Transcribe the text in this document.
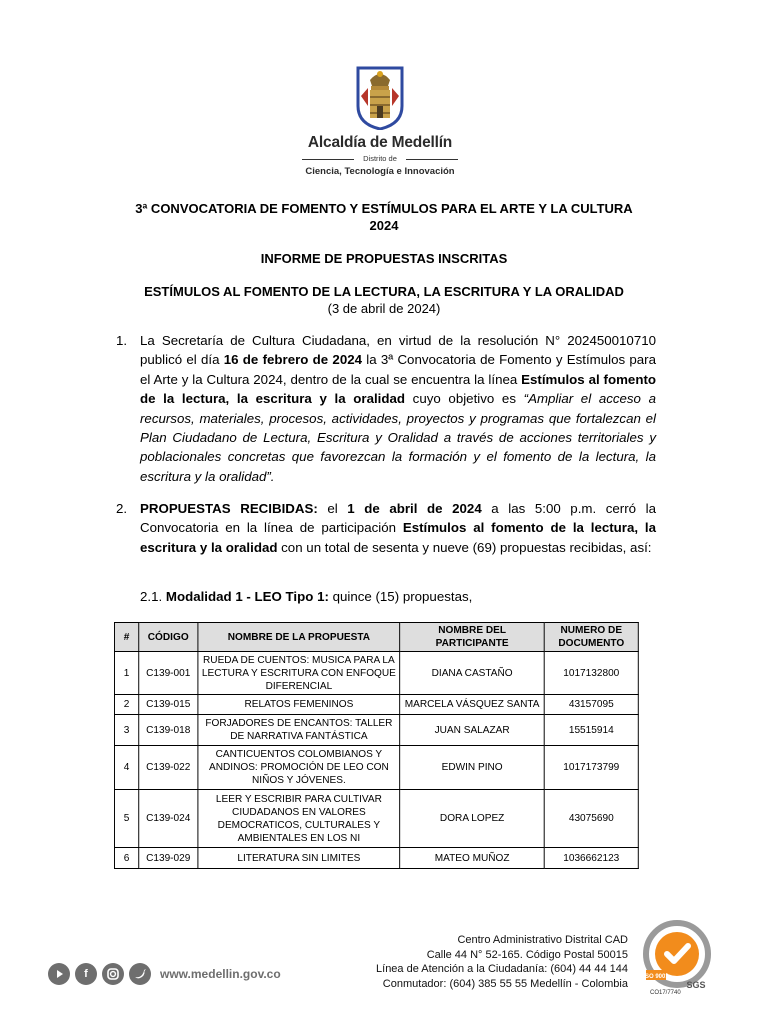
Alcaldía de Medellín
Distrito de
Ciencia, Tecnología e Innovación
3ª CONVOCATORIA DE FOMENTO Y ESTÍMULOS PARA EL ARTE Y LA CULTURA
2024
INFORME DE PROPUESTAS INSCRITAS
ESTÍMULOS AL FOMENTO DE LA LECTURA, LA ESCRITURA Y LA ORALIDAD
(3 de abril de 2024)
1. La Secretaría de Cultura Ciudadana, en virtud de la resolución N° 202450010710 publicó el día 16 de febrero de 2024 la 3ª Convocatoria de Fomento y Estímulos para el Arte y la Cultura 2024, dentro de la cual se encuentra la línea Estímulos al fomento de la lectura, la escritura y la oralidad cuyo objetivo es “Ampliar el acceso a recursos, materiales, procesos, actividades, proyectos y programas que fortalezcan el Plan Ciudadano de Lectura, Escritura y Oralidad a través de acciones territoriales y poblacionales concretas que favorezcan la formación y el fomento de la lectura, la escritura y la oralidad”.
2. PROPUESTAS RECIBIDAS: el 1 de abril de 2024 a las 5:00 p.m. cerró la Convocatoria en la línea de participación Estímulos al fomento de la lectura, la escritura y la oralidad con un total de sesenta y nueve (69) propuestas recibidas, así:
2.1. Modalidad 1 - LEO Tipo 1: quince (15) propuestas,
#	CÓDIGO	NOMBRE DE LA PROPUESTA	NOMBRE DEL PARTICIPANTE	NUMERO DE DOCUMENTO
1	C139-001	RUEDA DE CUENTOS: MUSICA PARA LA LECTURA Y ESCRITURA CON ENFOQUE DIFERENCIAL	DIANA CASTAÑO	1017132800
2	C139-015	RELATOS FEMENINOS	MARCELA VÁSQUEZ SANTA	43157095
3	C139-018	FORJADORES DE ENCANTOS: TALLER DE NARRATIVA FANTÁSTICA	JUAN SALAZAR	15515914
4	C139-022	CANTICUENTOS COLOMBIANOS Y ANDINOS: PROMOCIÓN DE LEO CON NIÑOS Y JÓVENES.	EDWIN PINO	1017173799
5	C139-024	LEER Y ESCRIBIR PARA CULTIVAR CIUDADANOS EN VALORES DEMOCRATICOS, CULTURALES Y AMBIENTALES EN LOS NI	DORA LOPEZ	43075690
6	C139-029	LITERATURA SIN LIMITES	MATEO MUÑOZ	1036662123
f	www.medellin.gov.co
Centro Administrativo Distrital CAD
Calle 44 N° 52-165. Código Postal 50015
Línea de Atención a la Ciudadanía: (604) 44 44 144
Conmutador: (604) 385 55 55 Medellín - Colombia
ISO 9001
SGS
CO17/7740
